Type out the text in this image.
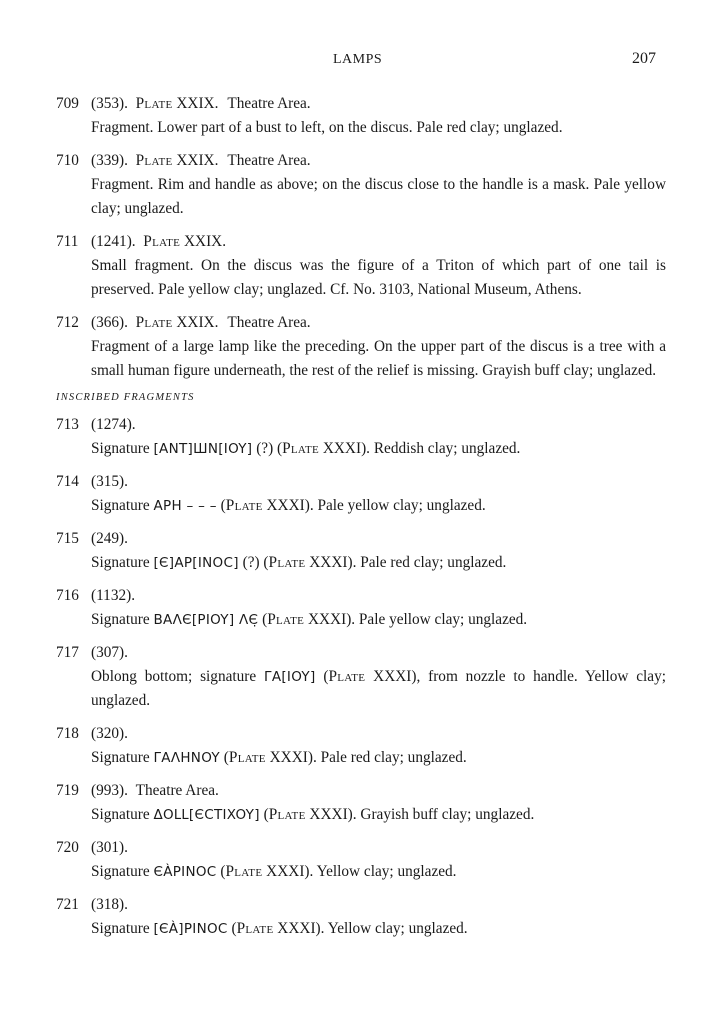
LAMPS	207
709 (353). Plate XXIX. Theatre Area.
Fragment. Lower part of a bust to left, on the discus. Pale red clay; unglazed.
710 (339). Plate XXIX. Theatre Area.
Fragment. Rim and handle as above; on the discus close to the handle is a mask. Pale yellow clay; unglazed.
711 (1241). Plate XXIX.
Small fragment. On the discus was the figure of a Triton of which part of one tail is preserved. Pale yellow clay; unglazed. Cf. No. 3103, National Museum, Athens.
712 (366). Plate XXIX. Theatre Area.
Fragment of a large lamp like the preceding. On the upper part of the discus is a tree with a small human figure underneath, the rest of the relief is missing. Grayish buff clay; unglazed.
INSCRIBED FRAGMENTS
713 (1274).
Signature [ANT]ШN[IOY] (?) (Plate XXXI). Reddish clay; unglazed.
714 (315).
Signature APH – – – (Plate XXXI). Pale yellow clay; unglazed.
715 (249).
Signature [Є]AP[INOC] (?) (Plate XXXI). Pale red clay; unglazed.
716 (1132).
Signature BAΛЄ[PIOY] ΛЄ̣ (Plate XXXI). Pale yellow clay; unglazed.
717 (307).
Oblong bottom; signature ΓA[IOY] (Plate XXXI), from nozzle to handle. Yellow clay; unglazed.
718 (320).
Signature ΓAΛHNOY (Plate XXXI). Pale red clay; unglazed.
719 (993). Theatre Area.
Signature ΔOԼԼ[ЄCTIXOY] (Plate XXXI). Grayish buff clay; unglazed.
720 (301).
Signature ЄÀPINOC (Plate XXXI). Yellow clay; unglazed.
721 (318).
Signature [ЄÀ]PINOC (Plate XXXI). Yellow clay; unglazed.
